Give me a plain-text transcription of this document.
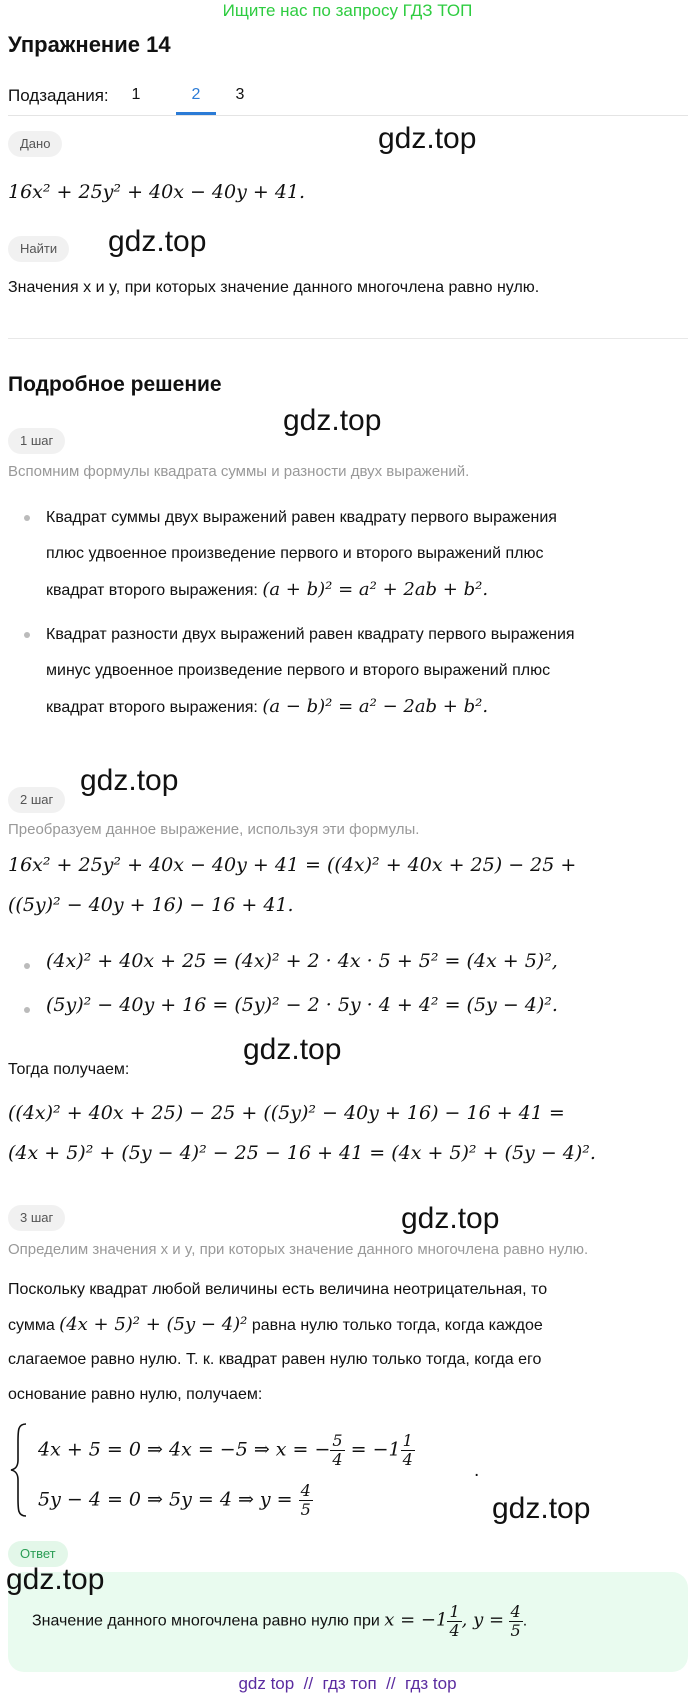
Ищите нас по запросу ГДЗ ТОП
Упражнение 14
Подзадания:	1	2	3
Дано	gdz.top
16x² + 25y² + 40x − 40y + 41.
Найти	gdz.top
Значения x и y, при которых значение данного многочлена равно нулю.
Подробное решение
gdz.top
1 шаг
Вспомним формулы квадрата суммы и разности двух выражений.
Квадрат суммы двух выражений равен квадрату первого выражения
плюс удвоенное произведение первого и второго выражений плюс
квадрат второго выражения: (a + b)² = a² + 2ab + b².
Квадрат разности двух выражений равен квадрату первого выражения
минус удвоенное произведение первого и второго выражений плюс
квадрат второго выражения: (a − b)² = a² − 2ab + b².
2 шаг
gdz.top
Преобразуем данное выражение, используя эти формулы.
16x² + 25y² + 40x − 40y + 41 = ((4x)² + 40x + 25) − 25 +
((5y)² − 40y + 16) − 16 + 41.
(4x)² + 40x + 25 = (4x)² + 2 · 4x · 5 + 5² = (4x + 5)²,
(5y)² − 40y + 16 = (5y)² − 2 · 5y · 4 + 4² = (5y − 4)².
gdz.top
Тогда получаем:
((4x)² + 40x + 25) − 25 + ((5y)² − 40y + 16) − 16 + 41 =
(4x + 5)² + (5y − 4)² − 25 − 16 + 41 = (4x + 5)² + (5y − 4)².
3 шаг	gdz.top
Определим значения x и y, при которых значение данного многочлена равно нулю.
Поскольку квадрат любой величины есть величина неотрицательная, то
сумма (4x + 5)² + (5y − 4)² равна нулю только тогда, когда каждое
слагаемое равно нулю. Т. к. квадрат равен нулю только тогда, когда его
основание равно нулю, получаем:
4x + 5 = 0 ⇒ 4x = −5 ⇒ x = − $\frac{5}{4} = -1 \frac{1}{4}$
5y − 4 = 0 ⇒ 5y = 4 ⇒ $y = \frac{4}{5}$
.
gdz.top
Ответ
gdz.top
Значение данного многочлена равно нулю при $x = -1 \frac{1}{4}$ , $y = \frac{4}{5}$ .
gdz top  //  гдз топ  //  гдз top
